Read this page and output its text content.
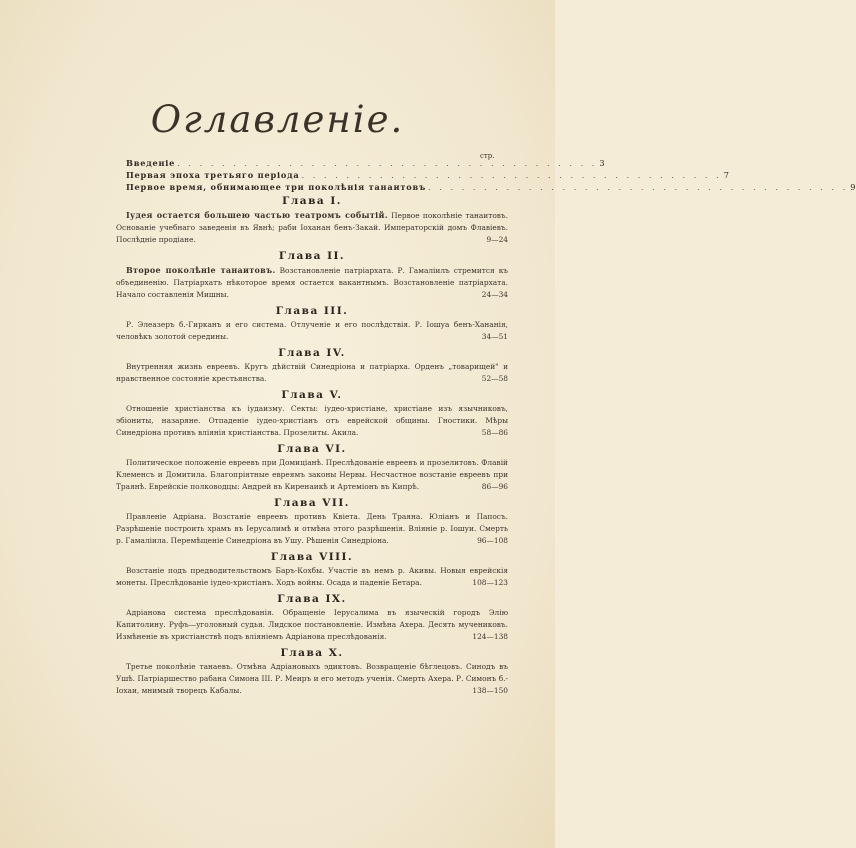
Оглавленіе.
стр.
Введеніе . . . . . . . . . . . . . . . . . . . . . . . . . . . . . . . . . . . . . . 3
Первая эпоха третьяго періода . . . . . . . . . . . . . . . . . . . . . . . . . . . . . . . . . . . . . . 7
Первое время, обнимающее три поколѣнія танаитовъ . . . . . . . . . . . . . . . . . . . . . . . . . . . . . . . . . . . . . . 9
Глава I.
Іудея остается большею частью театромъ событій. Первое поколѣніе танаитовъ. Основаніе учебнаго заведенія въ Явнѣ; раби Іоханан бенъ-Закай. Императорскій домъ Флавіевъ. Послѣдніе продіане.	9—24
Глава II.
Второе поколѣніе танаитовъ. Возстановленіе патріархата. Р. Гамаліилъ стремится къ объединенію. Патріархатъ нѣкоторое время остается вакантнымъ. Возстановленіе патріархата. Начало составленія Мишны.	24—34
Глава III.
Р. Элеазеръ б.-Гирканъ и его система. Отлученіе и его послѣдствія. Р. Іошуа бенъ-Хананія, человѣкъ золотой середины.	34—51
Глава IV.
Внутренняя жизнь евреевъ. Кругъ дѣйствій Синедріона и патріарха. Орденъ „товарищей" и нравственное состояніе крестьянства.	52—58
Глава V.
Отношеніе христіанства къ іудаизму. Секты: іудео-христіане, христіане изъ язычниковъ, эбіониты, назаряне. Отпаденіе іудео-христіанъ отъ еврейской общины. Гностики. Мѣры Синедріона противъ вліянія христіанства. Прозелиты. Акила.	58—86
Глава VI.
Политическое положеніе евреевъ при Домиціанѣ. Преслѣдованіе евреевъ и прозелитовъ. Флавій Клеменсъ и Домитила. Благопріятные евреямъ законы Нервы. Несчастное возстаніе евреевъ при Траянѣ. Еврейскіе полководцы: Андрей въ Киренаикѣ и Артеміонъ въ Кипрѣ.	86—96
Глава VII.
Правленіе Адріана. Возстаніе евреевъ противъ Квіета. День Траяна. Юліанъ и Папосъ. Разрѣшеніе построить храмъ въ Іерусалимѣ и отмѣна этого разрѣшенія. Вліяніе р. Іошуи. Смерть р. Гамаліила. Перемѣщеніе Синедріона въ Ушу. Рѣшенія Синедріона.	96—108
Глава VIII.
Возстаніе подъ предводительствомъ Баръ-Кохбы. Участіе въ немъ р. Акивы. Новыя еврейскія монеты. Преслѣдованіе іудео-христіанъ. Ходъ войны. Осада и паденіе Бетара.	108—123
Глава IX.
Адріанова система преслѣдованія. Обращеніе Іерусалима въ языческій городъ Элію Капитолину. Руфъ—уголовный судья. Лидское постановленіе. Измѣна Ахера. Десять мучениковъ. Измѣненіе въ христіанствѣ подъ вліяніемъ Адріанова преслѣдованія.	124—138
Глава X.
Третье поколѣніе танаевъ. Отмѣна Адріановыхъ эдиктовъ. Возвращеніе бѣглецовъ. Синодъ въ Ушѣ. Патріаршество рабана Симона III. Р. Меиръ и его методъ ученія. Смерть Ахера. Р. Симонъ б.-Іохаи, мнимый творецъ Кабалы.	138—150
